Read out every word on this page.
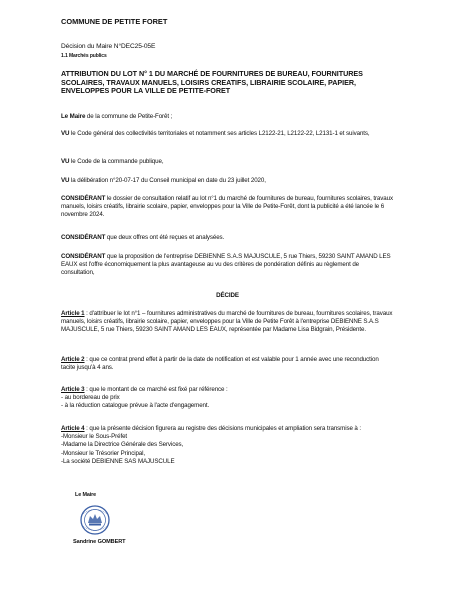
COMMUNE DE PETITE FORET
Décision du Maire N°DEC25-05E
1.1 Marchés publics
ATTRIBUTION DU LOT N° 1 DU MARCHÉ DE FOURNITURES DE BUREAU, FOURNITURES SCOLAIRES, TRAVAUX MANUELS, LOISIRS CREATIFS, LIBRAIRIE SCOLAIRE, PAPIER, ENVELOPPES POUR LA VILLE DE PETITE-FORET
Le Maire de la commune de Petite-Forêt ;
VU le Code général des collectivités territoriales et notamment ses articles L2122-21, L2122-22, L2131-1 et suivants,
VU le Code de la commande publique,
VU la délibération n°20-07-17 du Conseil municipal en date du 23 juillet 2020,
CONSIDÉRANT le dossier de consultation relatif au lot n°1 du marché de fournitures de bureau, fournitures scolaires, travaux manuels, loisirs créatifs, librairie scolaire, papier, enveloppes pour la Ville de Petite-Forêt, dont la publicité a été lancée le 6 novembre 2024.
CONSIDÉRANT que deux offres ont été reçues et analysées.
CONSIDÉRANT que la proposition de l'entreprise DEBIENNE S.A.S MAJUSCULE, 5 rue Thiers, 59230 SAINT AMAND LES EAUX est l'offre économiquement la plus avantageuse au vu des critères de pondération définis au règlement de consultation,
DÉCIDE
Article 1 : d'attribuer le lot n°1 – fournitures administratives du marché de fournitures de bureau, fournitures scolaires, travaux manuels, loisirs créatifs, librairie scolaire, papier, enveloppes pour la Ville de Petite Forêt à l'entreprise DEBIENNE S.A.S MAJUSCULE, 5 rue Thiers, 59230 SAINT AMAND LES EAUX, représentée par Madame Lisa Bidgrain, Présidente.
Article 2 : que ce contrat prend effet à partir de la date de notification et est valable pour 1 année avec une reconduction tacite jusqu'à 4 ans.
Article 3 : que le montant de ce marché est fixé par référence :
- au bordereau de prix
- à la réduction catalogue prévue à l'acte d'engagement.
Article 4 : que la présente décision figurera au registre des décisions municipales et ampliation sera transmise à :
-Monsieur le Sous-Préfet
-Madame la Directrice Générale des Services,
-Monsieur le Trésorier Principal,
-La société DEBIENNE SAS MAJUSCULE
Le Maire
Sandrine GOMBERT
